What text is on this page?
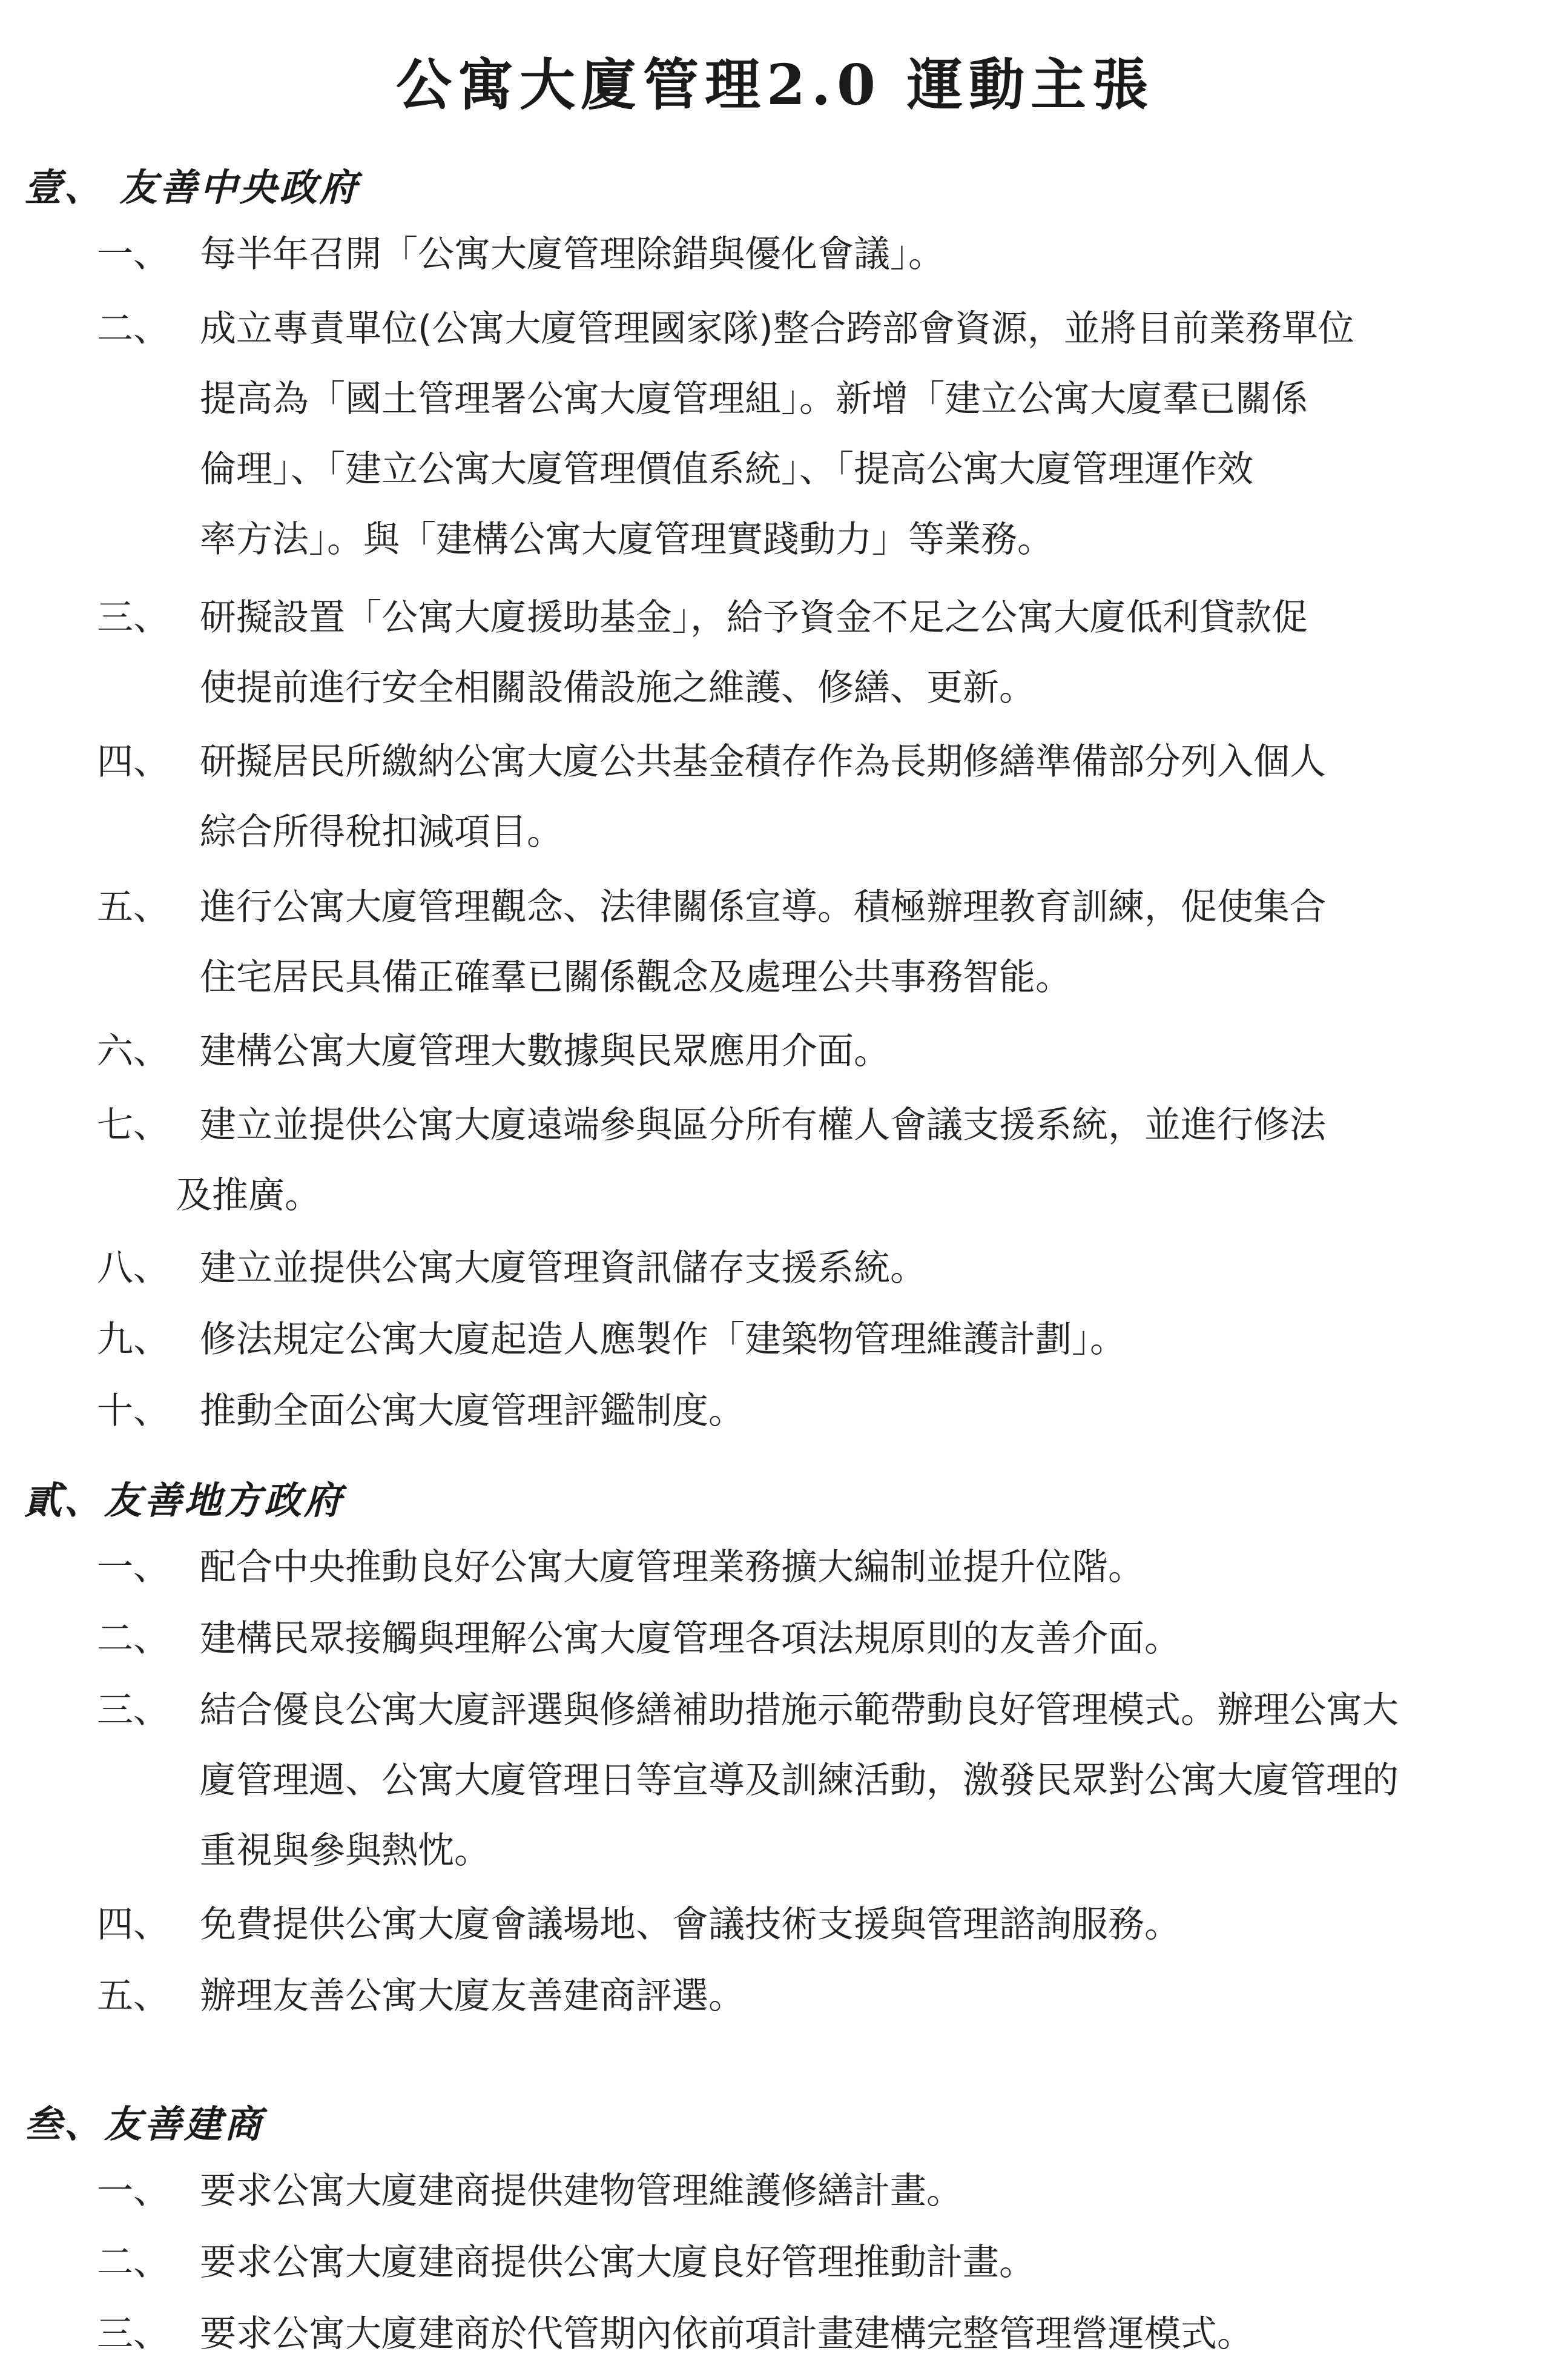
公寓大廈管理2.0 運動主張
壹、 友善中央政府
一、 每半年召開「公寓大廈管理除錯與優化會議」。
二、 成立專責單位(公寓大廈管理國家隊)整合跨部會資源，並將目前業務單位
提高為「國土管理署公寓大廈管理組」。新增「建立公寓大廈羣已關係
倫理」、「建立公寓大廈管理價值系統」、「提高公寓大廈管理運作效
率方法」。與「建構公寓大廈管理實踐動力」等業務。
三、 研擬設置「公寓大廈援助基金」，給予資金不足之公寓大廈低利貸款促
使提前進行安全相關設備設施之維護、修繕、更新。
四、 研擬居民所繳納公寓大廈公共基金積存作為長期修繕準備部分列入個人
綜合所得稅扣減項目。
五、 進行公寓大廈管理觀念、法律關係宣導。積極辦理教育訓練，促使集合
住宅居民具備正確羣已關係觀念及處理公共事務智能。
六、 建構公寓大廈管理大數據與民眾應用介面。
七、 建立並提供公寓大廈遠端參與區分所有權人會議支援系統，並進行修法
及推廣。
八、 建立並提供公寓大廈管理資訊儲存支援系統。
九、 修法規定公寓大廈起造人應製作「建築物管理維護計劃」。
十、 推動全面公寓大廈管理評鑑制度。
貳、友善地方政府
一、 配合中央推動良好公寓大廈管理業務擴大編制並提升位階。
二、 建構民眾接觸與理解公寓大廈管理各項法規原則的友善介面。
三、 結合優良公寓大廈評選與修繕補助措施示範帶動良好管理模式。辦理公寓大
廈管理週、公寓大廈管理日等宣導及訓練活動，激發民眾對公寓大廈管理的
重視與參與熱忱。
四、 免費提供公寓大廈會議場地、會議技術支援與管理諮詢服務。
五、 辦理友善公寓大廈友善建商評選。
叁、友善建商
一、 要求公寓大廈建商提供建物管理維護修繕計畫。
二、 要求公寓大廈建商提供公寓大廈良好管理推動計畫。
三、 要求公寓大廈建商於代管期內依前項計畫建構完整管理營運模式。
